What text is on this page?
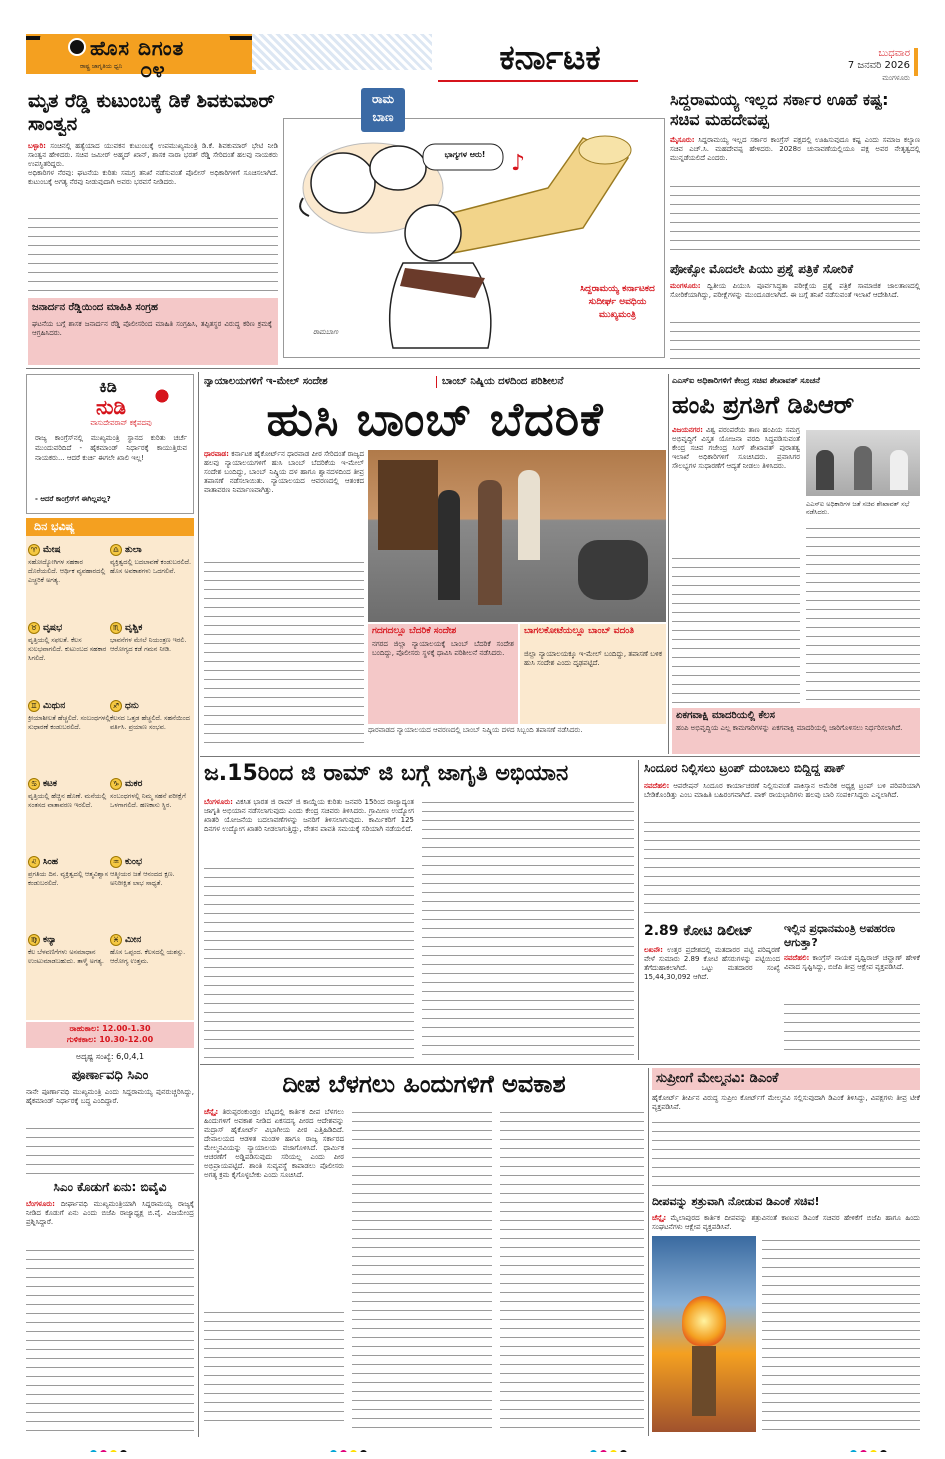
ಹೊಸ ದಿಗಂತ
ರಾಷ್ಟ್ರ ಜಾಗೃತಿಯ ಧ್ವನಿ ೦೪	ಕರ್ನಾಟಕ	ಬುಧವಾರ
7 ಜನವರಿ 2026
ಮಂಗಳೂರು
ಮೃತ ರೆಡ್ಡಿ ಕುಟುಂಬಕ್ಕೆ ಡಿಕೆ ಶಿವಕುಮಾರ್ ಸಾಂತ್ವನ
ಬಳ್ಳಾರಿ: ಸಂಚಿನಲ್ಲಿ ಹತ್ಯೆಯಾದ ಯುವಕನ ಕುಟುಂಬಕ್ಕೆ ಉಪಮುಖ್ಯಮಂತ್ರಿ ಡಿ.ಕೆ. ಶಿವಕುಮಾರ್ ಭೇಟಿ ನೀಡಿ ಸಾಂತ್ವನ ಹೇಳಿದರು. ಸಚಿವ ಜಮೀರ್ ಅಹ್ಮದ್ ಖಾನ್, ಶಾಸಕ ನಾರಾ ಭರತ್ ರೆಡ್ಡಿ ಸೇರಿದಂತೆ ಹಲವು ನಾಯಕರು ಉಪಸ್ಥಿತರಿದ್ದರು.
ಅಧಿಕಾರಿಗಳ ನೆರವು: ಘಟನೆಯ ಕುರಿತು ಸಮಗ್ರ ತನಿಖೆ ನಡೆಸುವಂತೆ ಪೊಲೀಸ್ ಅಧಿಕಾರಿಗಳಿಗೆ ಸೂಚಿಸಲಾಗಿದೆ. ಕುಟುಂಬಕ್ಕೆ ಅಗತ್ಯ ನೆರವು ನೀಡುವುದಾಗಿ ಅವರು ಭರವಸೆ ನೀಡಿದರು.
ಜನಾರ್ದನ ರೆಡ್ಡಿಯಿಂದ ಮಾಹಿತಿ ಸಂಗ್ರಹ
ಘಟನೆಯ ಬಗ್ಗೆ ಶಾಸಕ ಜನಾರ್ದನ ರೆಡ್ಡಿ ಪೊಲೀಸರಿಂದ ಮಾಹಿತಿ ಸಂಗ್ರಹಿಸಿ, ತಪ್ಪಿತಸ್ಥರ ವಿರುದ್ಧ ಕಠಿಣ ಕ್ರಮಕ್ಕೆ ಆಗ್ರಹಿಸಿದರು.
ರಾಮ
ಬಾಣ
♪
ಭಾಗ್ಯಗಳ ಆರು!
ಸಿದ್ದರಾಮಯ್ಯ ಕರ್ನಾಟಕದ ಸುದೀರ್ಘ ಅವಧಿಯ ಮುಖ್ಯಮಂತ್ರಿ
ರಾಮಬಾಣ
ಸಿದ್ದರಾಮಯ್ಯ ಇಲ್ಲದ ಸರ್ಕಾರ ಊಹೆ ಕಷ್ಟ: ಸಚಿವ ಮಹದೇವಪ್ಪ
ಮೈಸೂರು: ಸಿದ್ದರಾಮಯ್ಯ ಇಲ್ಲದ ಸರ್ಕಾರ ಕಾಂಗ್ರೆಸ್ ಪಕ್ಷದಲ್ಲಿ ಊಹಿಸುವುದೂ ಕಷ್ಟ ಎಂದು ಸಮಾಜ ಕಲ್ಯಾಣ ಸಚಿವ ಎಚ್.ಸಿ. ಮಹದೇವಪ್ಪ ಹೇಳಿದರು. 2028ರ ಚುನಾವಣೆಯಲ್ಲಿಯೂ ಪಕ್ಷ ಅವರ ನೇತೃತ್ವದಲ್ಲಿ ಮುನ್ನಡೆಯಲಿದೆ ಎಂದರು.
ಪೋಕ್ಸೋ ಮೊದಲೇ ಪಿಯು ಪ್ರಶ್ನೆ ಪತ್ರಿಕೆ ಸೋರಿಕೆ
ಮಂಗಳೂರು: ದ್ವಿತೀಯ ಪಿಯುಸಿ ಪೂರ್ವಸಿದ್ಧತಾ ಪರೀಕ್ಷೆಯ ಪ್ರಶ್ನೆ ಪತ್ರಿಕೆ ಸಾಮಾಜಿಕ ಜಾಲತಾಣದಲ್ಲಿ ಸೋರಿಕೆಯಾಗಿದ್ದು, ಪರೀಕ್ಷೆಗಳನ್ನು ಮುಂದೂಡಲಾಗಿದೆ. ಈ ಬಗ್ಗೆ ತನಿಖೆ ನಡೆಸುವಂತೆ ಇಲಾಖೆ ಆದೇಶಿಸಿದೆ.
ಕಿಡಿ
ನುಡಿ
ವಾಸುದೇವರಾವ್ ಕಕ್ಕೆಪದವು
ರಾಜ್ಯ ಕಾಂಗ್ರೆಸ್‌ನಲ್ಲಿ ಮುಖ್ಯಮಂತ್ರಿ ಸ್ಥಾನದ ಕುರಿತು ಚರ್ಚೆ ಮುಂದುವರಿದಿದೆ - ಹೈಕಮಾಂಡ್ ನಿರ್ಧಾರಕ್ಕೆ ಕಾಯುತ್ತಿರುವ ನಾಯಕರು... ಆದರೆ ಕುರ್ಚಿ ಈಗಲೇ ಖಾಲಿ ಇಲ್ಲ!
- ಆದರೆ ಕಾಂಗ್ರೆಸ್‌ಗೆ ಈಗಿಲ್ಲವಲ್ಲ?
ದಿನ ಭವಿಷ್ಯ
♈ ಮೇಷ
ಸಹೋದ್ಯೋಗಿಗಳ ಸಹಕಾರ ದೊರೆಯಲಿದೆ. ಆರ್ಥಿಕ ವ್ಯವಹಾರದಲ್ಲಿ ಎಚ್ಚರಿಕೆ ಅಗತ್ಯ.
♎ ತುಲಾ
ವ್ಯಕ್ತಿತ್ವದಲ್ಲಿ ಬದಲಾವಣೆ ಕಂಡುಬರಲಿದೆ. ಹೊಸ ಅವಕಾಶಗಳು ಒದಗಲಿವೆ.
♉ ವೃಷಭ
ವೃತ್ತಿಯಲ್ಲಿ ಸಫಲತೆ. ಕೆಲಸ ಸುಲಭವಾಗಲಿದೆ. ಕುಟುಂಬದ ಸಹಕಾರ ಸಿಗಲಿದೆ.
♏ ವೃಶ್ಚಿಕ
ಭಾವನೆಗಳ ಮೇಲೆ ನಿಯಂತ್ರಣ ಇರಲಿ. ಆರೋಗ್ಯದ ಕಡೆ ಗಮನ ನೀಡಿ.
♊ ಮಿಥುನ
ಕ್ರೀಯಾಶೀಲತೆ ಹೆಚ್ಚಲಿದೆ. ಸಂಬಂಧಗಳಲ್ಲಿ ಸುಧಾರಣೆ ಕಂಡುಬರಲಿದೆ.
♐ ಧನು
ಕೆಲಸದ ಒತ್ತಡ ಹೆಚ್ಚಲಿದೆ. ಸಹನೆಯಿಂದ ವರ್ತಿಸಿ. ಪ್ರಯಾಣ ಸಂಭವ.
♋ ಕಟಕ
ವೃತ್ತಿಯಲ್ಲಿ ಹೆಚ್ಚಿನ ಹೊಣೆ. ಮನೆಯಲ್ಲಿ ಸಂತಸದ ವಾತಾವರಣ ಇರಲಿದೆ.
♑ ಮಕರ
ಸಂಬಂಧಗಳಲ್ಲಿ ನಿಮ್ಮ ಸಹನೆ ಪರೀಕ್ಷೆಗೆ ಒಳಗಾಗಲಿದೆ. ಹಣಕಾಸು ಸ್ಥಿರ.
♌ ಸಿಂಹ
ಪ್ರಗತಿಯ ದಿನ. ವ್ಯಕ್ತಿತ್ವದಲ್ಲಿ ಆತ್ಮವಿಶ್ವಾಸ ಕಂಡುಬರಲಿದೆ.
♒ ಕುಂಭ
ಆತ್ಮೀಯರ ಜತೆ ಆನಂದದ ಕ್ಷಣ. ಅನಿರೀಕ್ಷಿತ ಲಾಭ ಸಾಧ್ಯತೆ.
♍ ಕನ್ಯಾ
ಕೆಲ ಬೆಳವಣಿಗೆಗಳು ಅಸಮಾಧಾನ ಉಂಟುಮಾಡಬಹುದು. ತಾಳ್ಮೆ ಅಗತ್ಯ.
♓ ಮೀನ
ಹೊಸ ಒಪ್ಪಂದ. ಕೆಲಸದಲ್ಲಿ ಯಶಸ್ಸು. ಆರೋಗ್ಯ ಉತ್ತಮ.
ರಾಹುಕಾಲ: 12.00-1.30
ಗುಳಿಕಕಾಲ: 10.30-12.00
ಅದೃಷ್ಟ ಸಂಖ್ಯೆ: 6,0,4,1
ಪೂರ್ಣಾವಧಿ ಸಿಎಂ
ನಾನೇ ಪೂರ್ಣಾವಧಿ ಮುಖ್ಯಮಂತ್ರಿ ಎಂದು ಸಿದ್ದರಾಮಯ್ಯ ಪುನರುಚ್ಚರಿಸಿದ್ದು, ಹೈಕಮಾಂಡ್ ನಿರ್ಧಾರಕ್ಕೆ ಬದ್ಧ ಎಂದಿದ್ದಾರೆ.
ಸಿಎಂ ಕೊಡುಗೆ ಏನು: ಬಿವೈವಿ
ಬೆಂಗಳೂರು: ದೀರ್ಘಾವಧಿ ಮುಖ್ಯಮಂತ್ರಿಯಾಗಿ ಸಿದ್ದರಾಮಯ್ಯ ರಾಜ್ಯಕ್ಕೆ ನೀಡಿದ ಕೊಡುಗೆ ಏನು ಎಂದು ಬಿಜೆಪಿ ರಾಜ್ಯಾಧ್ಯಕ್ಷ ಬಿ.ವೈ. ವಿಜಯೇಂದ್ರ ಪ್ರಶ್ನಿಸಿದ್ದಾರೆ.
ನ್ಯಾಯಾಲಯಗಳಿಗೆ ಇ-ಮೇಲ್ ಸಂದೇಶ	ಬಾಂಬ್ ನಿಷ್ಕ್ರಿಯ ದಳದಿಂದ ಪರಿಶೀಲನೆ
ಹುಸಿ ಬಾಂಬ್ ಬೆದರಿಕೆ
ಧಾರವಾಡ: ಕರ್ನಾಟಕ ಹೈಕೋರ್ಟ್‌ನ ಧಾರವಾಡ ಪೀಠ ಸೇರಿದಂತೆ ರಾಜ್ಯದ ಹಲವು ನ್ಯಾಯಾಲಯಗಳಿಗೆ ಹುಸಿ ಬಾಂಬ್ ಬೆದರಿಕೆಯ ಇ-ಮೇಲ್ ಸಂದೇಶ ಬಂದಿದ್ದು, ಬಾಂಬ್ ನಿಷ್ಕ್ರಿಯ ದಳ ಹಾಗೂ ಶ್ವಾನದಳದಿಂದ ತೀವ್ರ ತಪಾಸಣೆ ನಡೆಸಲಾಯಿತು. ನ್ಯಾಯಾಲಯದ ಆವರಣದಲ್ಲಿ ಆತಂಕದ ವಾತಾವರಣ ನಿರ್ಮಾಣವಾಗಿತ್ತು.
ಗದಗದಲ್ಲೂ ಬೆದರಿಕೆ ಸಂದೇಶ
ನಗರದ ಜಿಲ್ಲಾ ನ್ಯಾಯಾಲಯಕ್ಕೆ ಬಾಂಬ್ ಬೆದರಿಕೆ ಸಂದೇಶ ಬಂದಿದ್ದು, ಪೊಲೀಸರು ಸ್ಥಳಕ್ಕೆ ಧಾವಿಸಿ ಪರಿಶೀಲನೆ ನಡೆಸಿದರು.
ಬಾಗಲಕೋಟೆಯಲ್ಲೂ ಬಾಂಬ್ ವದಂತಿ
ಜಿಲ್ಲಾ ನ್ಯಾಯಾಲಯಕ್ಕೂ ಇ-ಮೇಲ್ ಬಂದಿದ್ದು, ತಪಾಸಣೆ ಬಳಿಕ ಹುಸಿ ಸಂದೇಶ ಎಂದು ದೃಢಪಟ್ಟಿದೆ.
ಧಾರವಾಡದ ನ್ಯಾಯಾಲಯದ ಆವರಣದಲ್ಲಿ ಬಾಂಬ್ ನಿಷ್ಕ್ರಿಯ ದಳದ ಸಿಬ್ಬಂದಿ ತಪಾಸಣೆ ನಡೆಸಿದರು.
ಎಎಸ್‌ಐ ಅಧಿಕಾರಿಗಳಿಗೆ ಕೇಂದ್ರ ಸಚಿವ ಶೇಖಾವತ್ ಸೂಚನೆ
ಹಂಪಿ ಪ್ರಗತಿಗೆ ಡಿಪಿಆರ್
ವಿಜಯನಗರ: ವಿಶ್ವ ಪರಂಪರೆಯ ತಾಣ ಹಂಪಿಯ ಸಮಗ್ರ ಅಭಿವೃದ್ಧಿಗೆ ವಿಸ್ತೃತ ಯೋಜನಾ ವರದಿ ಸಿದ್ಧಪಡಿಸುವಂತೆ ಕೇಂದ್ರ ಸಚಿವ ಗಜೇಂದ್ರ ಸಿಂಗ್ ಶೇಖಾವತ್ ಪುರಾತತ್ವ ಇಲಾಖೆ ಅಧಿಕಾರಿಗಳಿಗೆ ಸೂಚಿಸಿದರು. ಪ್ರವಾಸಿಗರ ಸೌಲಭ್ಯಗಳ ಸುಧಾರಣೆಗೆ ಆದ್ಯತೆ ನೀಡಲು ತಿಳಿಸಿದರು.
ಎಎಸ್‌ಐ ಅಧಿಕಾರಿಗಳ ಜತೆ ಸಚಿವ ಶೇಖಾವತ್ ಸಭೆ ನಡೆಸಿದರು.
ಏಕಗವಾಕ್ಷಿ ಮಾದರಿಯಲ್ಲಿ ಕೆಲಸ
ಹಂಪಿ ಅಭಿವೃದ್ಧಿಯ ಎಲ್ಲ ಕಾಮಗಾರಿಗಳನ್ನು ಏಕಗವಾಕ್ಷಿ ಮಾದರಿಯಲ್ಲಿ ಜಾರಿಗೊಳಿಸಲು ನಿರ್ಧರಿಸಲಾಗಿದೆ.
ಜ.15ರಿಂದ ಜಿ ರಾಮ್ ಜಿ ಬಗ್ಗೆ ಜಾಗೃತಿ ಅಭಿಯಾನ
ಬೆಂಗಳೂರು: ವಿಕಸಿತ ಭಾರತ ಜಿ ರಾಮ್ ಜಿ ಕಾಯ್ದೆಯ ಕುರಿತು ಜನವರಿ 15ರಿಂದ ರಾಜ್ಯಾದ್ಯಂತ ಜಾಗೃತಿ ಅಭಿಯಾನ ನಡೆಸಲಾಗುವುದು ಎಂದು ಕೇಂದ್ರ ಸಚಿವರು ತಿಳಿಸಿದರು. ಗ್ರಾಮೀಣ ಉದ್ಯೋಗ ಖಾತರಿ ಯೋಜನೆಯ ಬದಲಾವಣೆಗಳನ್ನು ಜನರಿಗೆ ತಿಳಿಸಲಾಗುವುದು. ಕಾರ್ಮಿಕರಿಗೆ 125 ದಿನಗಳ ಉದ್ಯೋಗ ಖಾತರಿ ನೀಡಲಾಗುತ್ತಿದ್ದು, ವೇತನ ಪಾವತಿ ಸಮಯಕ್ಕೆ ಸರಿಯಾಗಿ ನಡೆಯಲಿದೆ.
ಸಿಂದೂರ ನಿಲ್ಲಿಸಲು ಟ್ರಂಪ್ ದುಂಬಾಲು ಬಿದ್ದಿದ್ದ ಪಾಕ್
ನವದೆಹಲಿ: ಆಪರೇಷನ್ ಸಿಂದೂರ ಕಾರ್ಯಾಚರಣೆ ನಿಲ್ಲಿಸುವಂತೆ ಪಾಕಿಸ್ತಾನ ಅಮೆರಿಕ ಅಧ್ಯಕ್ಷ ಟ್ರಂಪ್ ಬಳಿ ಪರಿಪರಿಯಾಗಿ ಬೇಡಿಕೊಂಡಿತ್ತು ಎಂಬ ಮಾಹಿತಿ ಬಹಿರಂಗವಾಗಿದೆ. ಪಾಕ್ ರಾಯಭಾರಿಗಳು ಹಲವು ಬಾರಿ ಸಂಪರ್ಕಿಸಿದ್ದರು ಎನ್ನಲಾಗಿದೆ.
2.89 ಕೋಟಿ ಡಿಲೀಟ್
ಲಖನೌ: ಉತ್ತರ ಪ್ರದೇಶದಲ್ಲಿ ಮತದಾರರ ಪಟ್ಟಿ ಪರಿಷ್ಕರಣೆ ವೇಳೆ ಸುಮಾರು 2.89 ಕೋಟಿ ಹೆಸರುಗಳನ್ನು ಪಟ್ಟಿಯಿಂದ ತೆಗೆದುಹಾಕಲಾಗಿದೆ. ಒಟ್ಟು ಮತದಾರರ ಸಂಖ್ಯೆ 15,44,30,092 ಆಗಿದೆ.
ಇಲ್ಲಿನ ಪ್ರಧಾನಮಂತ್ರಿ ಅಪಹರಣ ಆಗುತ್ತಾ?
ನವದೆಹಲಿ: ಕಾಂಗ್ರೆಸ್ ನಾಯಕ ಪೃಥ್ವಿರಾಜ್ ಚವ್ಹಾಣ್ ಹೇಳಿಕೆ ವಿವಾದ ಸೃಷ್ಟಿಸಿದ್ದು, ಬಿಜೆಪಿ ತೀವ್ರ ಆಕ್ಷೇಪ ವ್ಯಕ್ತಪಡಿಸಿದೆ.
ದೀಪ ಬೆಳಗಲು ಹಿಂದುಗಳಿಗೆ ಅವಕಾಶ
ಚೆನ್ನೈ: ತಿರುಪ್ಪರಂಕುಂಡ್ರಂ ಬೆಟ್ಟದಲ್ಲಿ ಕಾರ್ತಿಕ ದೀಪ ಬೆಳಗಲು ಹಿಂದುಗಳಿಗೆ ಅವಕಾಶ ನೀಡಿದ ಏಕಸದಸ್ಯ ಪೀಠದ ಆದೇಶವನ್ನು ಮದ್ರಾಸ್ ಹೈಕೋರ್ಟ್ ವಿಭಾಗೀಯ ಪೀಠ ಎತ್ತಿಹಿಡಿದಿದೆ. ದೇವಾಲಯದ ಆಡಳಿತ ಮಂಡಳಿ ಹಾಗೂ ರಾಜ್ಯ ಸರ್ಕಾರದ ಮೇಲ್ಮನವಿಯನ್ನು ನ್ಯಾಯಾಲಯ ವಜಾಗೊಳಿಸಿದೆ. ಧಾರ್ಮಿಕ ಆಚರಣೆಗೆ ಅಡ್ಡಿಪಡಿಸುವುದು ಸರಿಯಲ್ಲ ಎಂದು ಪೀಠ ಅಭಿಪ್ರಾಯಪಟ್ಟಿದೆ. ಶಾಂತಿ ಸುವ್ಯವಸ್ಥೆ ಕಾಪಾಡಲು ಪೊಲೀಸರು ಅಗತ್ಯ ಕ್ರಮ ಕೈಗೊಳ್ಳಬೇಕು ಎಂದು ಸೂಚಿಸಿದೆ.
ಸುಪ್ರೀಂಗೆ ಮೇಲ್ಮನವಿ: ಡಿಎಂಕೆ
ಹೈಕೋರ್ಟ್ ತೀರ್ಪಿನ ವಿರುದ್ಧ ಸುಪ್ರೀಂ ಕೋರ್ಟ್‌ಗೆ ಮೇಲ್ಮನವಿ ಸಲ್ಲಿಸುವುದಾಗಿ ಡಿಎಂಕೆ ತಿಳಿಸಿದ್ದು, ವಿಪಕ್ಷಗಳು ತೀವ್ರ ಟೀಕೆ ವ್ಯಕ್ತಪಡಿಸಿವೆ.
ದೀಪವನ್ನು ಶತ್ರುವಾಗಿ ನೋಡುವ ಡಿಎಂಕೆ ಸಚಿವ!
ಚೆನ್ನೈ: ಮೈಲಾಪುರದ ಕಾರ್ತಿಕ ದೀಪವನ್ನು ಶತ್ರುವಿನಂತೆ ಕಾಣುವ ಡಿಎಂಕೆ ಸಚಿವರ ಹೇಳಿಕೆಗೆ ಬಿಜೆಪಿ ಹಾಗೂ ಹಿಂದು ಸಂಘಟನೆಗಳು ಆಕ್ಷೇಪ ವ್ಯಕ್ತಪಡಿಸಿವೆ.
